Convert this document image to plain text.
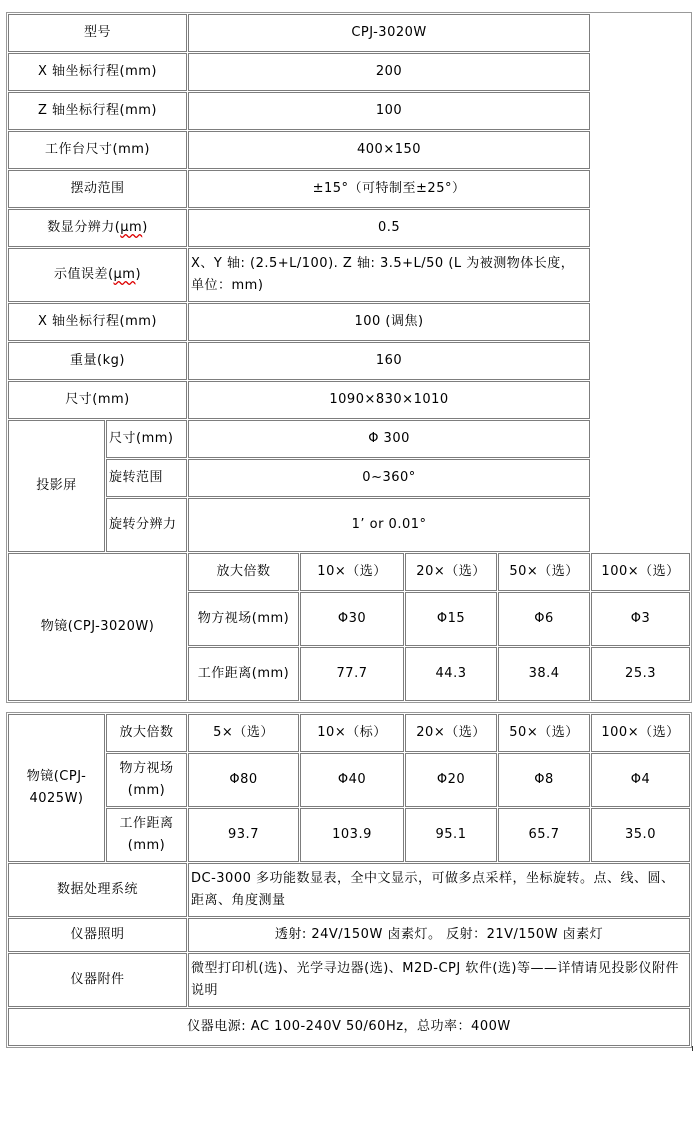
型号		CPJ-3020W				
X 轴坐标行程(mm)		200				
Z 轴坐标行程(mm)		100				
工作台尺寸(mm)		400×150				
摆动范围		±15°（可特制至±25°）				
数显分辨力(μm)		0.5				
示值误差(μm)		X、Y 轴: (2.5+L/100). Z 轴: 3.5+L/50 (L 为被测物体长度，单位：mm)				
X 轴坐标行程(mm)		100 (调焦)				
重量(kg)		160				
尺寸(mm)		1090×830×1010				
投影屏	尺寸(mm)	Φ 300				
	旋转范围	0~360°				
	旋转分辨力	1’ or 0.01°				
物镜(CPJ-3020W)		放大倍数	10×（选）	20×（选）	50×（选）	100×（选）
		物方视场(mm)	Φ30	Φ15	Φ6	Φ3
		工作距离(mm)	77.7	44.3	38.4	25.3
物镜(CPJ-4025W)	放大倍数	5×（选）	10×（标）	20×（选）	50×（选）	100×（选）
	物方视场(mm)	Φ80	Φ40	Φ20	Φ8	Φ4
	工作距离(mm)	93.7	103.9	95.1	65.7	35.0
数据处理系统		DC-3000 多功能数显表，全中文显示，可做多点采样，坐标旋转。点、线、圆、距离、角度测量				
仪器照明		透射: 24V/150W 卤素灯。 反射：21V/150W 卤素灯				
仪器附件		微型打印机(选)、光学寻边器(选)、M2D-CPJ 软件(选)等——详情请见投影仪附件说明				
仪器电源: AC 100-240V 50/60Hz，总功率：400W						
